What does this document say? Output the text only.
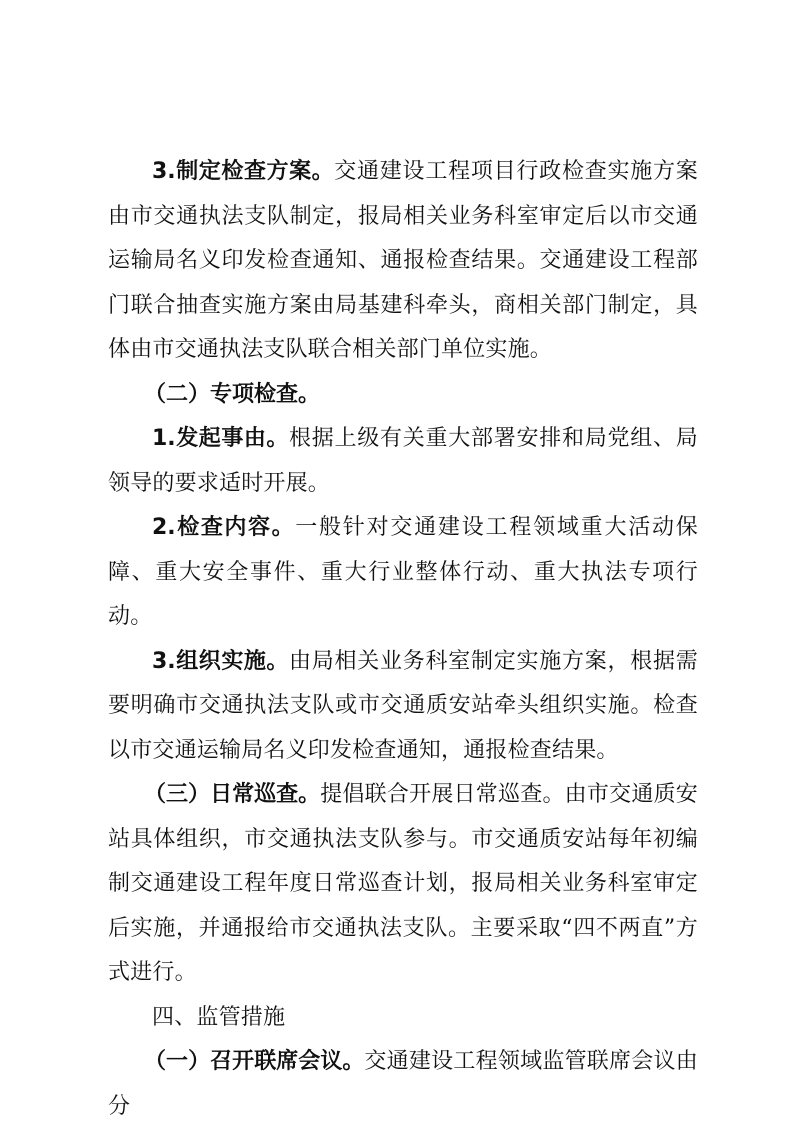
3.制定检查方案。交通建设工程项目行政检查实施方案由市交通执法支队制定，报局相关业务科室审定后以市交通运输局名义印发检查通知、通报检查结果。交通建设工程部门联合抽查实施方案由局基建科牵头，商相关部门制定，具体由市交通执法支队联合相关部门单位实施。

（二）专项检查。

1.发起事由。根据上级有关重大部署安排和局党组、局领导的要求适时开展。

2.检查内容。一般针对交通建设工程领域重大活动保障、重大安全事件、重大行业整体行动、重大执法专项行动。

3.组织实施。由局相关业务科室制定实施方案，根据需要明确市交通执法支队或市交通质安站牵头组织实施。检查以市交通运输局名义印发检查通知，通报检查结果。

（三）日常巡查。提倡联合开展日常巡查。由市交通质安站具体组织，市交通执法支队参与。市交通质安站每年初编制交通建设工程年度日常巡查计划，报局相关业务科室审定后实施，并通报给市交通执法支队。主要采取“四不两直”方式进行。

四、监管措施

（一）召开联席会议。交通建设工程领域监管联席会议由分
